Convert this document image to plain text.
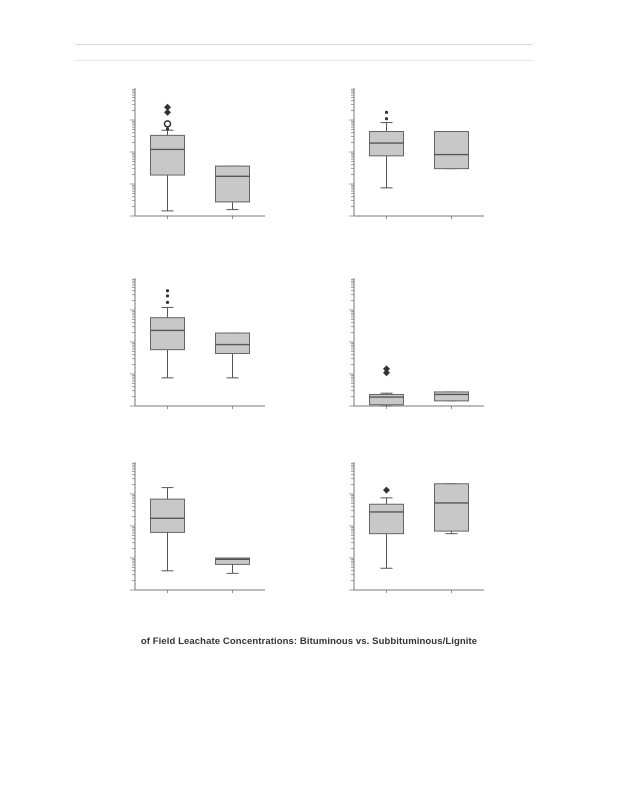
of Field Leachate Concentrations: Bituminous vs. Subbituminous/Lignite
